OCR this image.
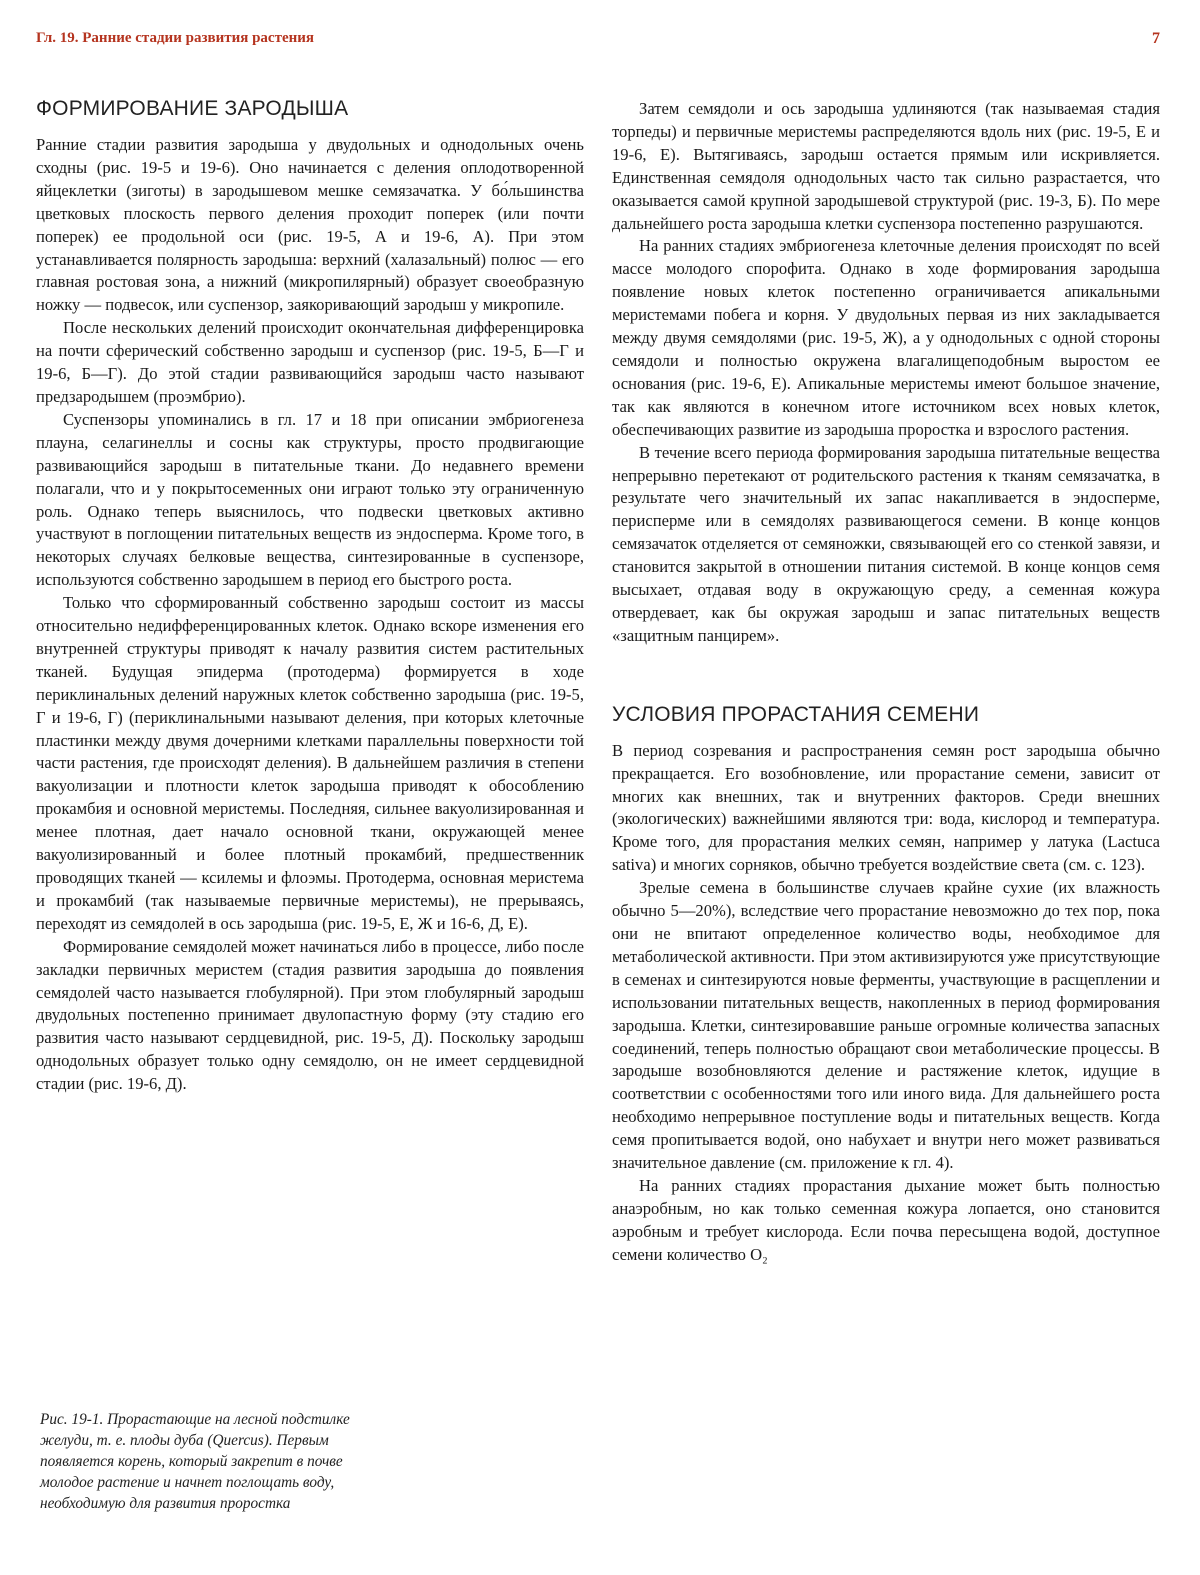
Гл. 19. Ранние стадии развития растения	7
ФОРМИРОВАНИЕ ЗАРОДЫША

Ранние стадии развития зародыша у двудольных и однодольных очень сходны (рис. 19-5 и 19-6). Оно начинается с деления оплодотворенной яйцеклетки (зиготы) в зародышевом мешке семязачатка. У бо́льшинства цветковых плоскость первого деления проходит поперек (или почти поперек) ее продольной оси (рис. 19-5, А и 19-6, А). При этом устанавливается полярность зародыша: верхний (халазальный) полюс — его главная ростовая зона, а нижний (микропилярный) образует своеобразную ножку — подвесок, или суспензор, заякоривающий зародыш у микропиле.

После нескольких делений происходит окончательная дифференцировка на почти сферический собственно зародыш и суспензор (рис. 19-5, Б—Г и 19-6, Б—Г). До этой стадии развивающийся зародыш часто называют предзародышем (проэмбрио).

Суспензоры упоминались в гл. 17 и 18 при описании эмбриогенеза плауна, селагинеллы и сосны как структуры, просто продвигающие развивающийся зародыш в питательные ткани. До недавнего времени полагали, что и у покрытосеменных они играют только эту ограниченную роль. Однако теперь выяснилось, что подвески цветковых активно участвуют в поглощении питательных веществ из эндосперма. Кроме того, в некоторых случаях белковые вещества, синтезированные в суспензоре, используются собственно зародышем в период его быстрого роста.

Только что сформированный собственно зародыш состоит из массы относительно недифференцированных клеток. Однако вскоре изменения его внутренней структуры приводят к началу развития систем растительных тканей. Будущая эпидерма (протодерма) формируется в ходе периклинальных делений наружных клеток собственно зародыша (рис. 19-5, Г и 19-6, Г) (периклинальными называют деления, при которых клеточные пластинки между двумя дочерними клетками параллельны поверхности той части растения, где происходят деления). В дальнейшем различия в степени вакуолизации и плотности клеток зародыша приводят к обособлению прокамбия и основной меристемы. Последняя, сильнее вакуолизированная и менее плотная, дает начало основной ткани, окружающей менее вакуолизированный и более плотный прокамбий, предшественник проводящих тканей — ксилемы и флоэмы. Протодерма, основная меристема и прокамбий (так называемые первичные меристемы), не прерываясь, переходят из семядолей в ось зародыша (рис. 19-5, Е, Ж и 16-6, Д, Е).

Формирование семядолей может начинаться либо в процессе, либо после закладки первичных меристем (стадия развития зародыша до появления семядолей часто называется глобулярной). При этом глобулярный зародыш двудольных постепенно принимает двулопастную форму (эту стадию его развития часто называют сердцевидной, рис. 19-5, Д). Поскольку зародыш однодольных образует только одну семядолю, он не имеет сердцевидной стадии (рис. 19-6, Д).

Рис. 19-1. Прорастающие на лесной подстилке желуди, т. е. плоды дуба (Quercus). Первым появляется корень, который закрепит в почве молодое растение и начнет поглощать воду, необходимую для развития проростка

Затем семядоли и ось зародыша удлиняются (так называемая стадия торпеды) и первичные меристемы распределяются вдоль них (рис. 19-5, Е и 19-6, Е). Вытягиваясь, зародыш остается прямым или искривляется. Единственная семядоля однодольных часто так сильно разрастается, что оказывается самой крупной зародышевой структурой (рис. 19-3, Б). По мере дальнейшего роста зародыша клетки суспензора постепенно разрушаются.

На ранних стадиях эмбриогенеза клеточные деления происходят по всей массе молодого спорофита. Однако в ходе формирования зародыша появление новых клеток постепенно ограничивается апикальными меристемами побега и корня. У двудольных первая из них закладывается между двумя семядолями (рис. 19-5, Ж), а у однодольных с одной стороны семядоли и полностью окружена влагалищеподобным выростом ее основания (рис. 19-6, Е). Апикальные меристемы имеют большое значение, так как являются в конечном итоге источником всех новых клеток, обеспечивающих развитие из зародыша проростка и взрослого растения.

В течение всего периода формирования зародыша питательные вещества непрерывно перетекают от родительского растения к тканям семязачатка, в результате чего значительный их запас накапливается в эндосперме, перисперме или в семядолях развивающегося семени. В конце концов семязачаток отделяется от семяножки, связывающей его со стенкой завязи, и становится закрытой в отношении питания системой. В конце концов семя высыхает, отдавая воду в окружающую среду, а семенная кожура отвердевает, как бы окружая зародыш и запас питательных веществ «защитным панцирем».

УСЛОВИЯ ПРОРАСТАНИЯ СЕМЕНИ

В период созревания и распространения семян рост зародыша обычно прекращается. Его возобновление, или прорастание семени, зависит от многих как внешних, так и внутренних факторов. Среди внешних (экологических) важнейшими являются три: вода, кислород и температура. Кроме того, для прорастания мелких семян, например у латука (Lactuca sativa) и многих сорняков, обычно требуется воздействие света (см. с. 123).

Зрелые семена в большинстве случаев крайне сухие (их влажность обычно 5—20%), вследствие чего прорастание невозможно до тех пор, пока они не впитают определенное количество воды, необходимое для метаболической активности. При этом активизируются уже присутствующие в семенах и синтезируются новые ферменты, участвующие в расщеплении и использовании питательных веществ, накопленных в период формирования зародыша. Клетки, синтезировавшие раньше огромные количества запасных соединений, теперь полностью обращают свои метаболические процессы. В зародыше возобновляются деление и растяжение клеток, идущие в соответствии с особенностями того или иного вида. Для дальнейшего роста необходимо непрерывное поступление воды и питательных веществ. Когда семя пропитывается водой, оно набухает и внутри него может развиваться значительное давление (см. приложение к гл. 4).

На ранних стадиях прорастания дыхание может быть полностью анаэробным, но как только семенная кожура лопается, оно становится аэробным и требует кислорода. Если почва пересыщена водой, доступное семени количество O₂
